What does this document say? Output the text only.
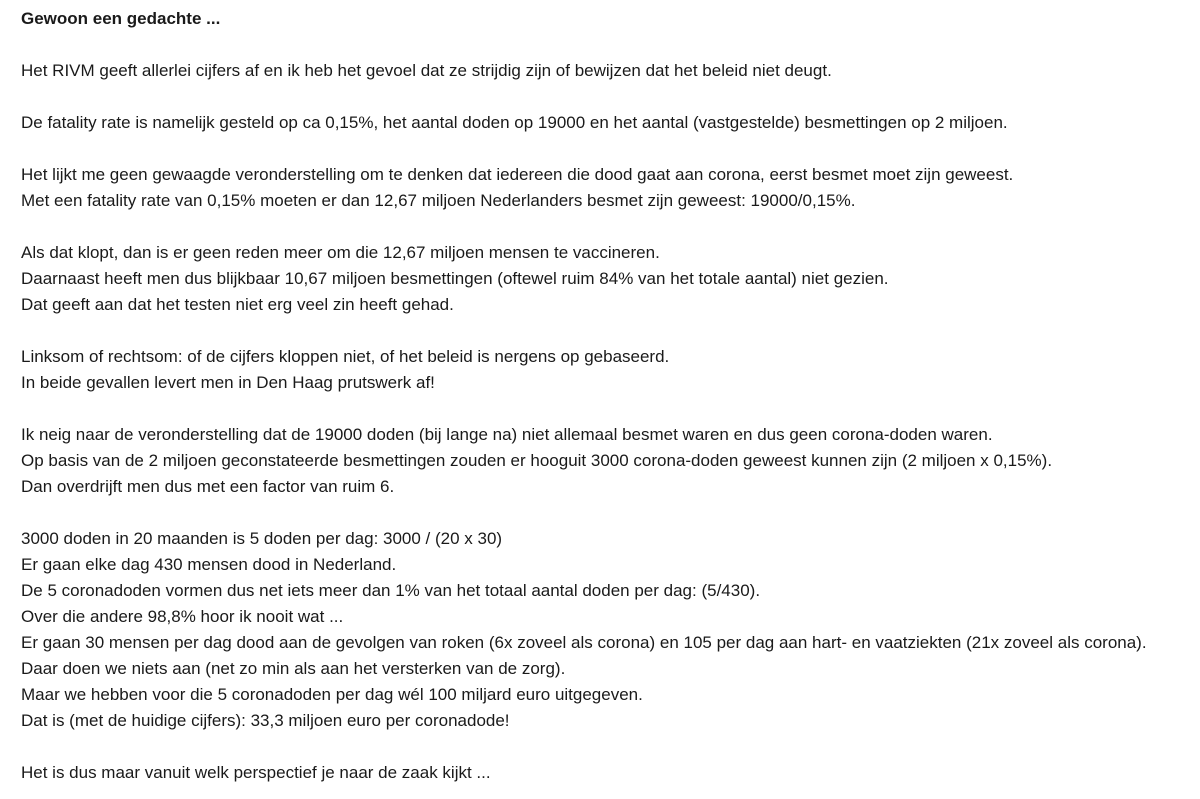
Gewoon een gedachte ...
Het RIVM geeft allerlei cijfers af en ik heb het gevoel dat ze strijdig zijn of bewijzen dat het beleid niet deugt.
De fatality rate is namelijk gesteld op ca 0,15%, het aantal doden op 19000 en het aantal (vastgestelde) besmettingen op 2 miljoen.
Het lijkt me geen gewaagde veronderstelling om te denken dat iedereen die dood gaat aan corona, eerst besmet moet zijn geweest.
Met een fatality rate van 0,15% moeten er dan 12,67 miljoen Nederlanders besmet zijn geweest: 19000/0,15%.
Als dat klopt, dan is er geen reden meer om die 12,67 miljoen mensen te vaccineren.
Daarnaast heeft men dus blijkbaar 10,67 miljoen besmettingen (oftewel ruim 84% van het totale aantal) niet gezien.
Dat geeft aan dat het testen niet erg veel zin heeft gehad.
Linksom of rechtsom: of de cijfers kloppen niet, of het beleid is nergens op gebaseerd.
In beide gevallen levert men in Den Haag prutswerk af!
Ik neig naar de veronderstelling dat de 19000 doden (bij lange na) niet allemaal besmet waren en dus geen corona-doden waren.
Op basis van de 2 miljoen geconstateerde besmettingen zouden er hooguit 3000 corona-doden geweest kunnen zijn (2 miljoen x 0,15%).
Dan overdrijft men dus met een factor van ruim 6.
3000 doden in 20 maanden is 5 doden per dag: 3000 / (20 x 30)
Er gaan elke dag 430 mensen dood in Nederland.
De 5 coronadoden vormen dus net iets meer dan 1% van het totaal aantal doden per dag: (5/430).
Over die andere 98,8% hoor ik nooit wat ...
Er gaan 30 mensen per dag dood aan de gevolgen van roken (6x zoveel als corona) en 105 per dag aan hart- en vaatziekten (21x zoveel als corona).
Daar doen we niets aan (net zo min als aan het versterken van de zorg).
Maar we hebben voor die 5 coronadoden per dag wél 100 miljard euro uitgegeven.
Dat is (met de huidige cijfers): 33,3 miljoen euro per coronadode!
Het is dus maar vanuit welk perspectief je naar de zaak kijkt ...
